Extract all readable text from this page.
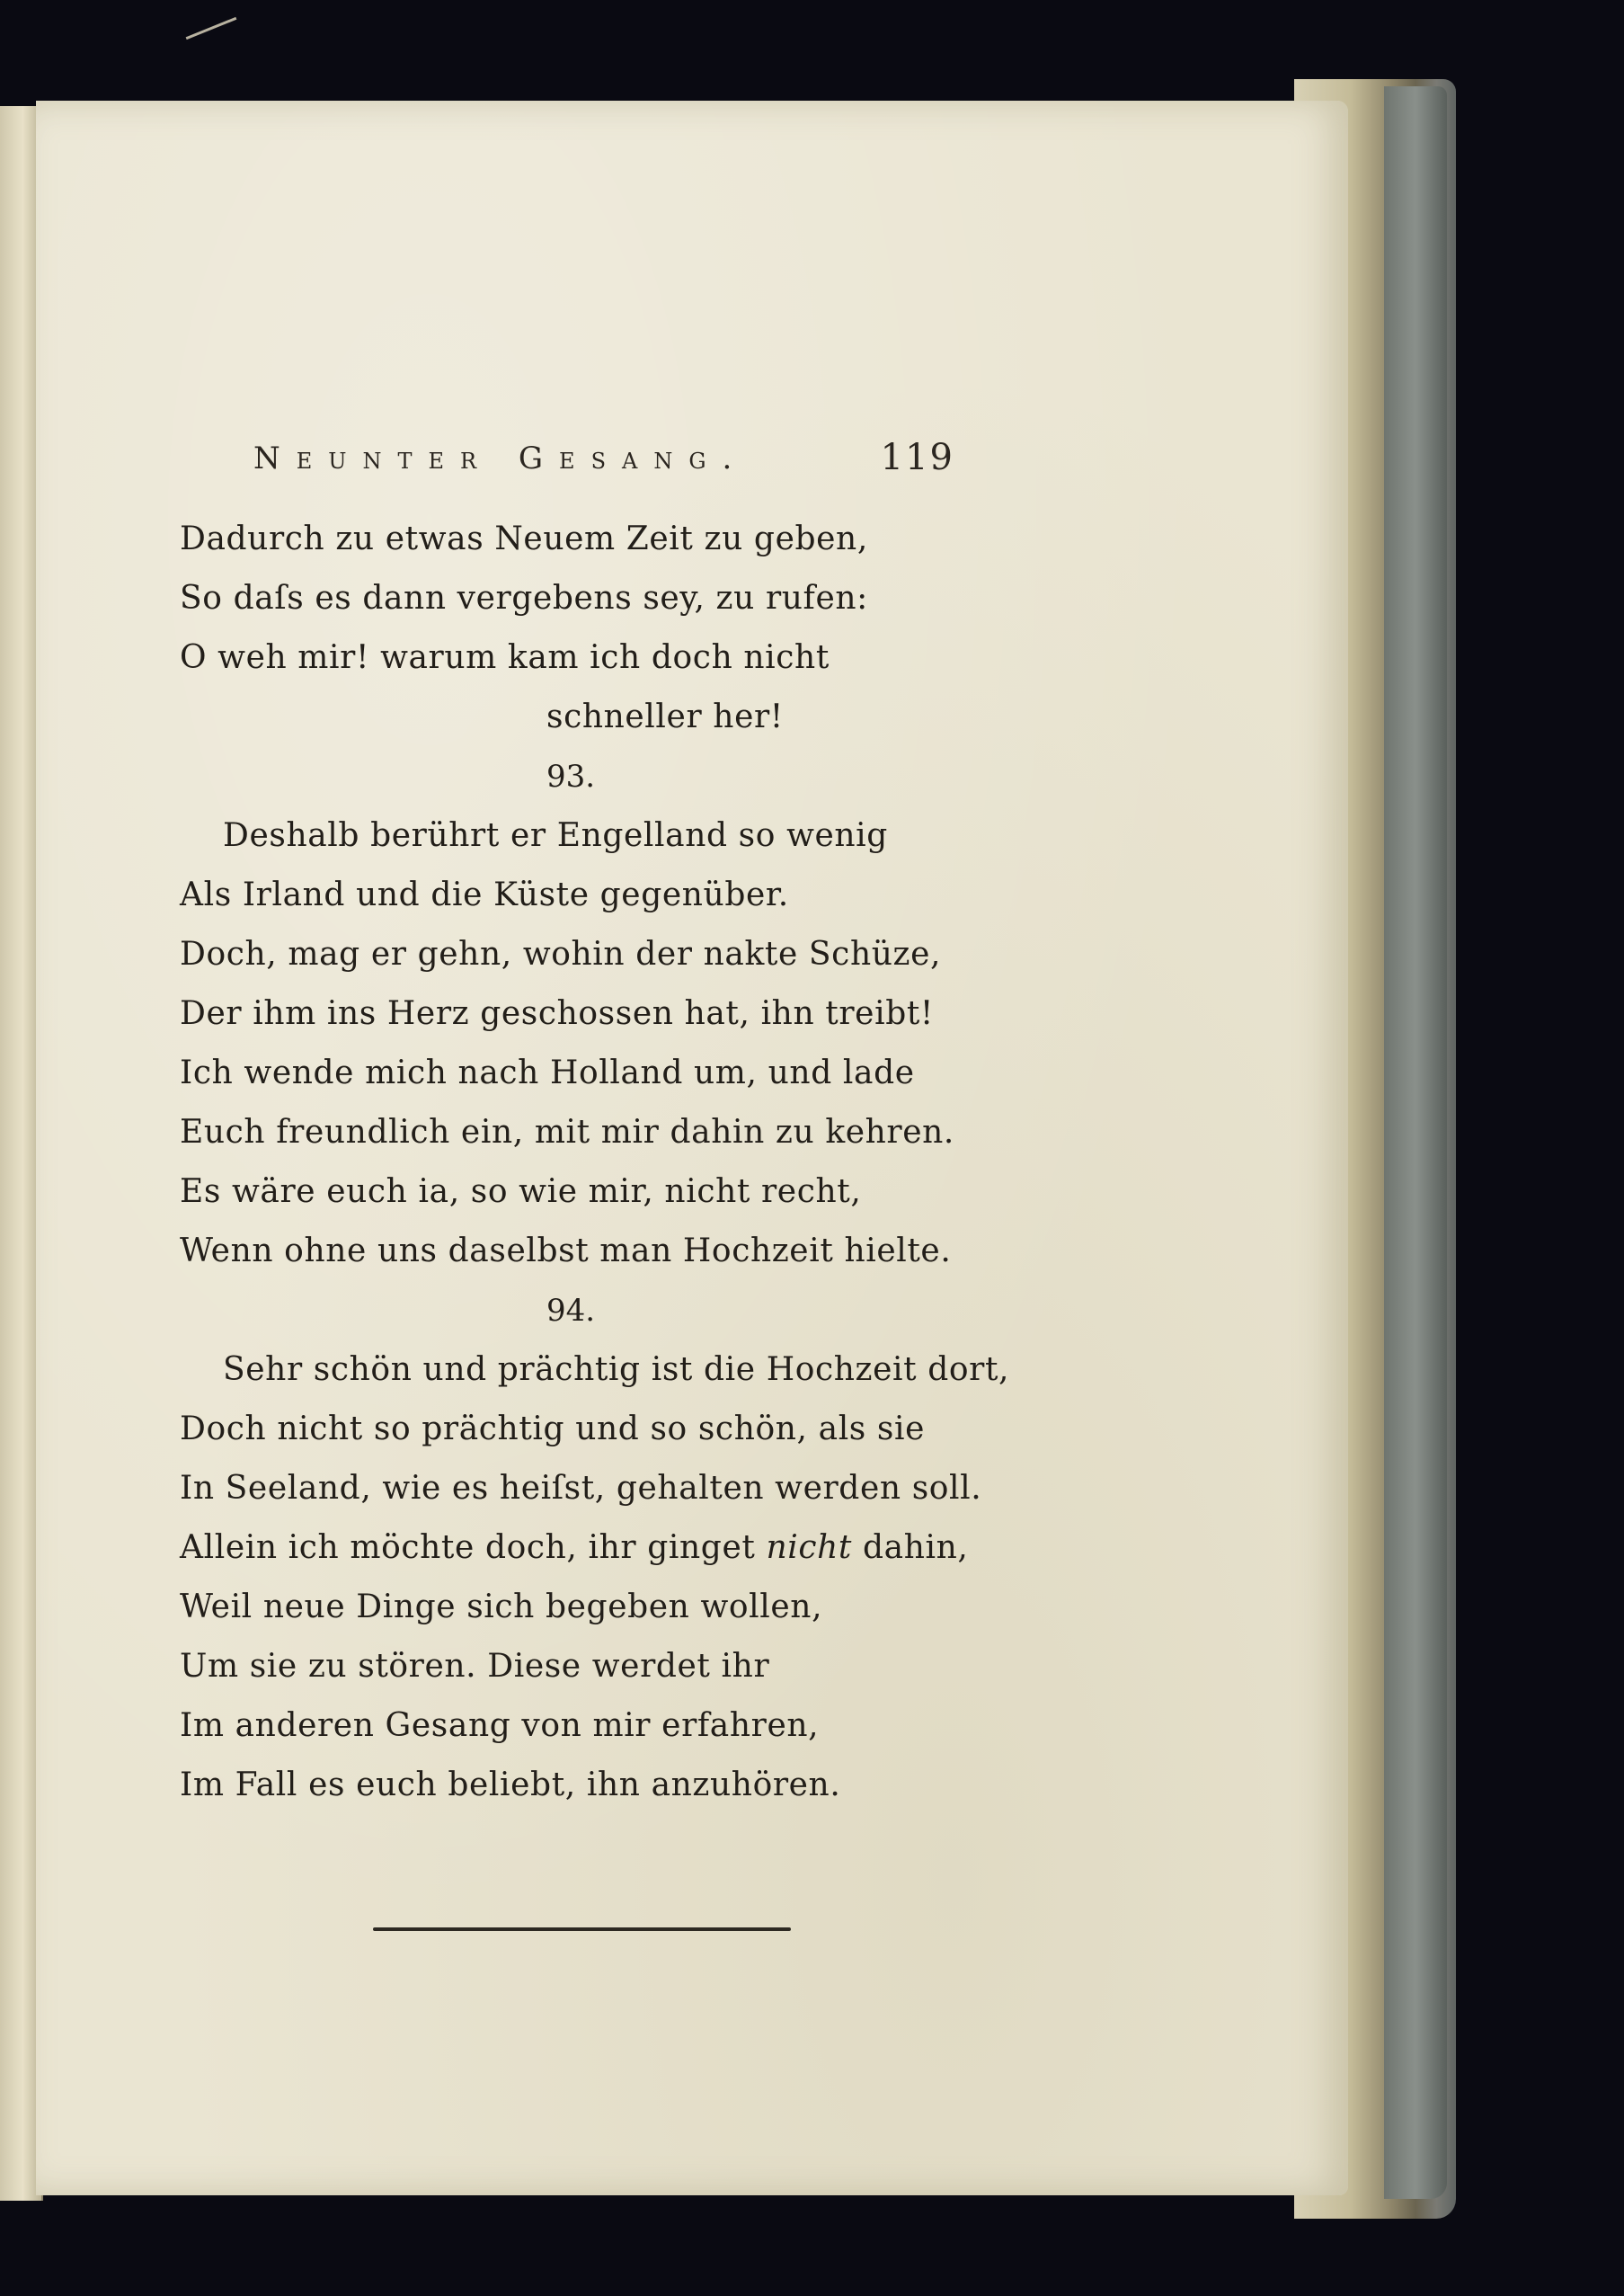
Neunter Gesang.	119
Dadurch zu etwas Neuem Zeit zu geben,
So daſs es dann vergebens sey, zu rufen:
O weh mir! warum kam ich doch nicht
schneller her!
93.
Deshalb berührt er Engelland so wenig
Als Irland und die Küste gegenüber.
Doch, mag er gehn, wohin der nakte Schüze,
Der ihm ins Herz geschossen hat, ihn treibt!
Ich wende mich nach Holland um, und lade
Euch freundlich ein, mit mir dahin zu kehren.
Es wäre euch ia, so wie mir, nicht recht,
Wenn ohne uns daselbst man Hochzeit hielte.
94.
Sehr schön und prächtig ist die Hochzeit dort,
Doch nicht so prächtig und so schön, als sie
In Seeland, wie es heiſst, gehalten werden soll.
Allein ich möchte doch, ihr ginget nicht dahin,
Weil neue Dinge sich begeben wollen,
Um sie zu stören. Diese werdet ihr
Im anderen Gesang von mir erfahren,
Im Fall es euch beliebt, ihn anzuhören.
